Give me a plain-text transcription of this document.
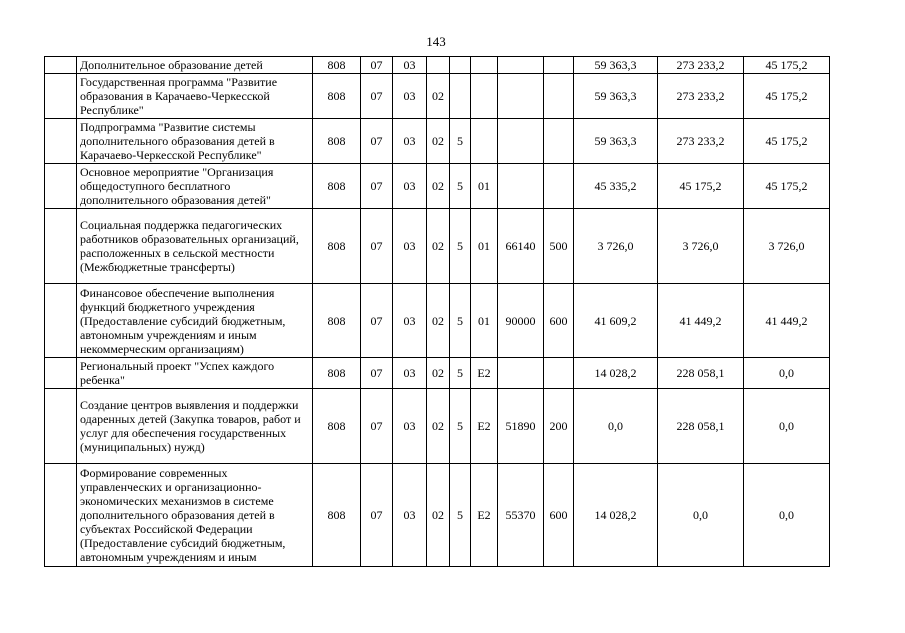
143
	Дополнительное образование детей	808	07	03						59 363,3	273 233,2	45 175,2
	Государственная программа "Развитие образования в Карачаево-Черкесской Республике"	808	07	03	02					59 363,3	273 233,2	45 175,2
	Подпрограмма "Развитие системы дополнительного образования детей в Карачаево-Черкесской Республике"	808	07	03	02	5				59 363,3	273 233,2	45 175,2
	Основное мероприятие "Организация общедоступного бесплатного дополнительного образования детей"	808	07	03	02	5	01			45 335,2	45 175,2	45 175,2
	Социальная поддержка педагогических работников образовательных организаций, расположенных в сельской местности (Межбюджетные трансферты)	808	07	03	02	5	01	66140	500	3 726,0	3 726,0	3 726,0
	Финансовое обеспечение выполнения функций бюджетного учреждения (Предоставление субсидий бюджетным, автономным учреждениям и иным некоммерческим организациям)	808	07	03	02	5	01	90000	600	41 609,2	41 449,2	41 449,2
	Региональный проект "Успех каждого ребенка"	808	07	03	02	5	E2			14 028,2	228 058,1	0,0
	Создание центров выявления и поддержки одаренных детей (Закупка товаров, работ и услуг для обеспечения государственных (муниципальных) нужд)	808	07	03	02	5	E2	51890	200	0,0	228 058,1	0,0
	Формирование современных управленческих и организационно-экономических механизмов в системе дополнительного образования детей в субъектах Российской Федерации (Предоставление субсидий бюджетным, автономным учреждениям и иным	808	07	03	02	5	E2	55370	600	14 028,2	0,0	0,0
